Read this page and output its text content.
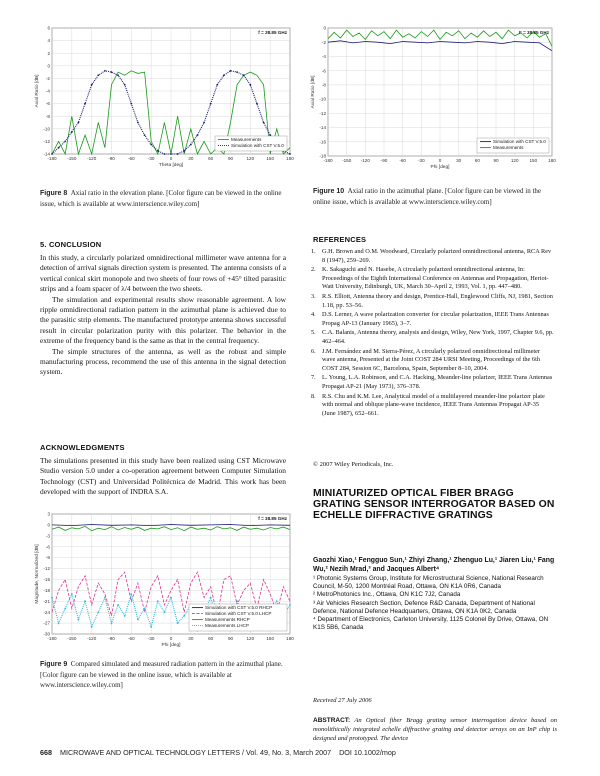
-180 -150 -120	-90	-60	-30	0	30	60	90	120	150	180
6
4
2
0
-2
-4
-6
-8
-10
-12
-14
Theta [deg]
Axial Ratio [dB]
f = 38.85 GHz
Measurements
Simulation with CST V.5.0
Figure 8 Axial ratio in the elevation plane. [Color figure can be viewed in the online issue, which is available at www.interscience.wiley.com]
-180 -150 -120 -90	-60	-30	0	30	60	90	120 150 180
0
-2
-4
-6
-8
-10
-12
-14
-16
-18
Phi [deg]
Axial Ratio [dB]
F = 38.85 GHz
Simulation with CST V.5.0
Measurements
Figure 10 Axial ratio in the azimuthal plane. [Color figure can be viewed in the online issue, which is available at www.interscience.wiley.com]
5. CONCLUSION

In this study, a circularly polarized omnidirectional millimeter wave antenna for a detection of arrival signals direction system is presented. The antenna consists of a vertical conical skirt monopole and two sheets of four rows of +45° tilted parasitic strips and a foam spacer of λ/4 between the two sheets.

The simulation and experimental results show reasonable agreement. A low ripple omnidirectional radiation pattern in the azimuthal plane is achieved due to the parasitic strip elements. The manufactured prototype antenna shows successful result in circular polarization purity with this polarizer. The behavior in the extreme of the frequency band is the same as that in the central frequency.

The simple structures of the antenna, as well as the robust and simple manufacturing process, recommend the use of this antenna in the signal detection system.

ACKNOWLEDGMENTS

The simulations presented in this study have been realized using CST Microwave Studio version 5.0 under a co-operation agreement between Computer Simulation Technology (CST) and Universidad Politécnica de Madrid. This work has been developed with the support of INDRA S.A.

-180 -150 -120	-90	-60	-30	0	30	60	90	120	150	180
3
0
-3
-6
-9
-12
-15
-18
-21
-24
-27
-30
Phi [deg]
Magnitude, Normalized [dB]
f = 38.85 GHz
Simulation with CST V.5.0 RHCP
Simulation with CST V.5.0 LHCP
Measurements RHCP
Measurements LHCP
Figure 9 Compared simulated and measured radiation pattern in the azimuthal plane. [Color figure can be viewed in the online issue, which is available at www.interscience.wiley.com]
REFERENCES
1. G.H. Brown and O.M. Woodward, Circularly polarized omnidirectional antenna, RCA Rev 8 (1947), 259–269.
2. K. Sakaguchi and N. Hasebe, A circularly polarized omnidirectional antenna, In: Proceedings of the Eighth International Conference on Antennas and Propagation, Heriot-Watt University, Edinburgh, UK, March 30–April 2, 1993, Vol. 1, pp. 447–480.
3. R.S. Elliott, Antenna theory and design, Prentice-Hall, Englewood Cliffs, NJ, 1981, Section 1.18, pp. 53–56.
4. D.S. Lerner, A wave polarization converter for circular polarization, IEEE Trans Antennas Propag AP-13 (January 1965), 3–7.
5. C.A. Balanis, Antenna theory, analysis and design, Wiley, New York, 1997, Chapter 9.6, pp. 462–464.
6. J.M. Fernández and M. Sierra-Pérez, A circularly polarized omnidirectional millimeter wave antenna, Presented at the Joint COST 284 URSI Meeting, Proceedings of the 6th COST 284, Session 6C, Barcelona, Spain, September 8–10, 2004.
7. L. Young, L.A. Robinson, and C.A. Hacking, Meander-line polarizer, IEEE Trans Antennas Propagat AP-21 (May 1973), 376–378.
8. R.S. Chu and K.M. Lee, Analytical model of a multilayered meander-line polarizer plate with normal and oblique plane-wave incidence, IEEE Trans Antennas Propagat AP-35 (June 1987), 652–661.
© 2007 Wiley Periodicals, Inc.
MINIATURIZED OPTICAL FIBER BRAGG GRATING SENSOR INTERROGATOR BASED ON ECHELLE DIFFRACTIVE GRATINGS
Gaozhi Xiao,¹ Fengguo Sun,¹ Zhiyi Zhang,¹ Zhenguo Lu,¹ Jiaren Liu,¹ Fang Wu,² Nezih Mrad,³ and Jacques Albert⁴

¹ Photonic Systems Group, Institute for Microstructural Science, National Research Council, M-50, 1200 Montréal Road, Ottawa, ON K1A 0R6, Canada

² MetroPhotonics Inc., Ottawa, ON K1C 7J2, Canada

³ Air Vehicles Research Section, Defence R&D Canada, Department of National Defence, National Defence Headquarters, Ottawa, ON K1A 0K2, Canada

⁴ Department of Electronics, Carleton University, 1125 Colonel By Drive, Ottawa, ON K1S 5B6, Canada

Received 27 July 2006
ABSTRACT: An Optical fiber Bragg grating sensor interrogation device based on monolithically integrated echelle diffractive grating and detector arrays on an InP chip is designed and prototyped. The device
668 MICROWAVE AND OPTICAL TECHNOLOGY LETTERS / Vol. 49, No. 3, March 2007 DOI 10.1002/mop
